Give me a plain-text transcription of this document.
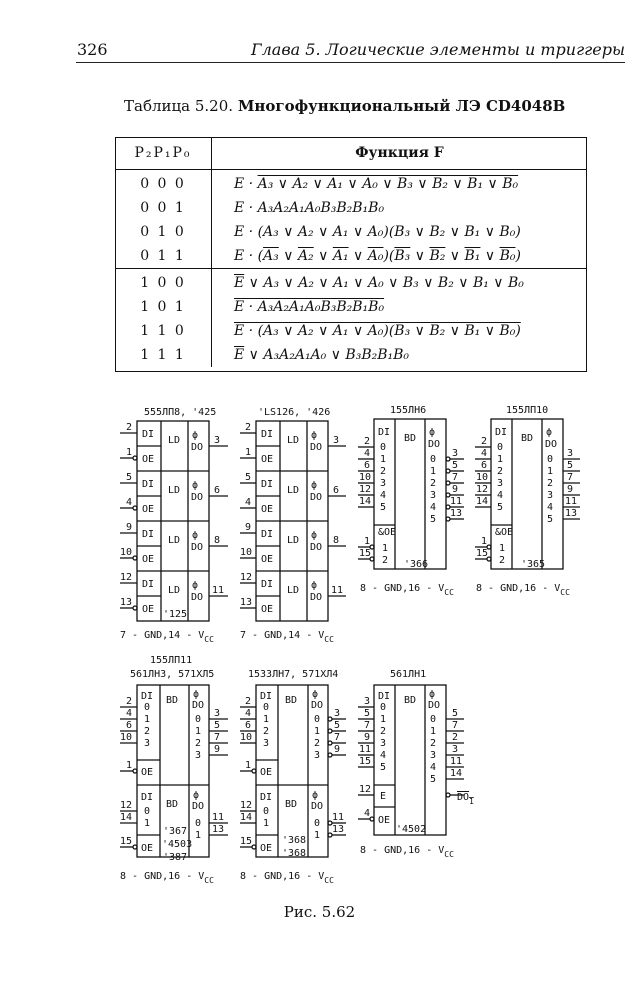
326	Глава 5. Логические элементы и триггеры
Таблица 5.20. Многофункциональный ЛЭ CD4048B
P₂P₁P₀	Функция F
0 0 0	E · A₃ ∨ A₂ ∨ A₁ ∨ A₀ ∨ B₃ ∨ B₂ ∨ B₁ ∨ B₀
0 0 1	E · A₃A₂A₁A₀B₃B₂B₁B₀
0 1 0	E · (A₃ ∨ A₂ ∨ A₁ ∨ A₀)(B₃ ∨ B₂ ∨ B₁ ∨ B₀)
0 1 1	E · (A₃ ∨ A₂ ∨ A₁ ∨ A₀)(B₃ ∨ B₂ ∨ B₁ ∨ B₀)
1 0 0	$\overline{E}$ ∨ A₃ ∨ A₂ ∨ A₁ ∨ A₀ ∨ B₃ ∨ B₂ ∨ B₁ ∨ B₀
1 0 1	E · A₃A₂A₁A₀B₃B₂B₁B₀
1 1 0	E · (A₃ ∨ A₂ ∨ A₁ ∨ A₀)(B₃ ∨ B₂ ∨ B₁ ∨ B₀)
1 1 1	$\overline{E}$ ∨ A₃A₂A₁A₀ ∨ B₃B₂B₁B₀
555ЛП8, '425
DI
OE
DI
OE
DI
OE
DI
OE
LD
LD
LD
LD
ϕ
DO
ϕ
DO
ϕ
DO
ϕ
DO
2
1
5
4
9
10
12
13
3
6
8
11
'125
$7 - GND,14 - V_{CC}$
'LS126, '426
DI
OE
DI
OE
DI
OE
DI
OE
LD
LD
LD
LD
ϕ
DO
ϕ
DO
ϕ
DO
ϕ
DO
2
1
5
4
9
10
12
13
3
6
8
11
$7 - GND,14 - V_{CC}$
155ЛН6
DI
BD
ϕ
DO
0
1
2
3
4
5
&OE
1
2
0
1
2
3
4
5
2
4
6
10
12
14
1
15
3
5
7
9
11
13
'366
$8 - GND,16 - V_{CC}$
155ЛП10
DI
BD
ϕ
DO
0
1
2
3
4
5
&OE
1
2
0
1
2
3
4
5
2
4
6
10
12
14
1
15
3
5
7
9
11
13
'365
$8 - GND,16 - V_{CC}$
155ЛП11
561ЛН3, 571ХЛ5
DI BD
ϕ
DO
0
1
2
3
OE
0
1
2
3
DI
BD
ϕ
DO
0
1
OE
0
1
2
4
6
10
1
12
14
15
3
5
7
9
11
13
'367
'4503
'387
$8 - GND,16 - V_{CC}$
1533ЛН7, 571ХЛ4
DI BD
ϕ
DO
0
1
2
3
OE
0
1
2
3
DI
BD
ϕ
DO
0
1
OE
0
1
2
4
6
10
1
12
14
15
3
5
7
9
11
13
'368
'368
$8 - GND,16 - V_{CC}$
561ЛН1
DI BD
ϕ
DO
0
1
2
3
4
5
E
OE
0
1
2
3
4
5
3
5
7
9
11
15
12
4
5
7
2
3
11
14
$DO_1$
'4502
$8 - GND,16 - V_{CC}$
Рис. 5.62
